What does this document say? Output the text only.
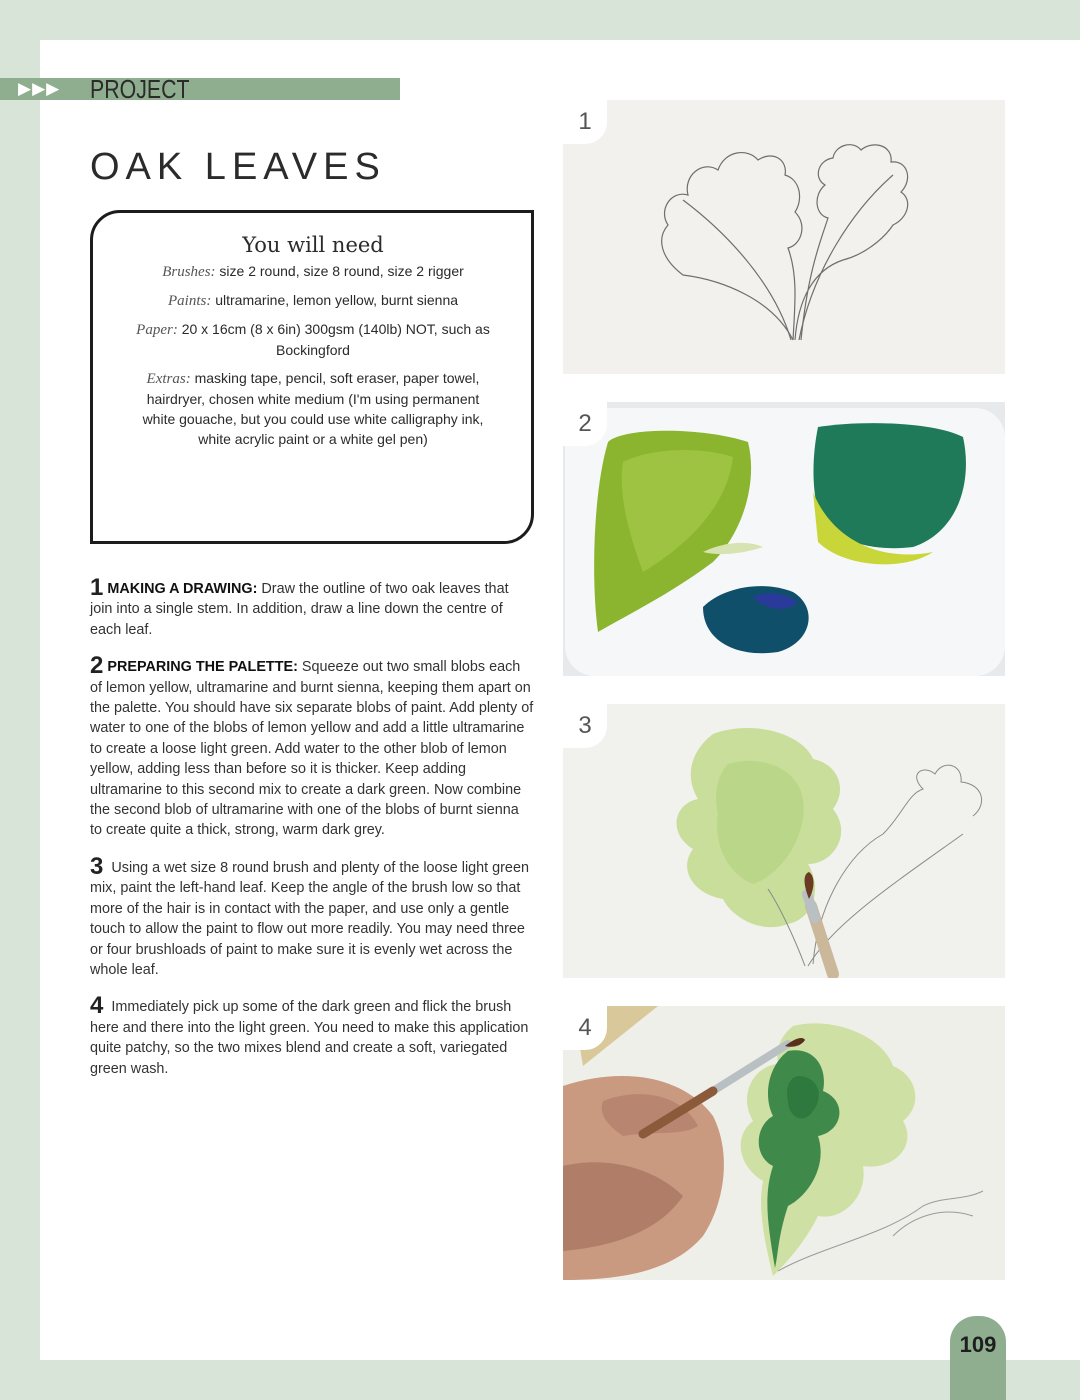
▶▶▶ PROJECT
OAK LEAVES
You will need

Brushes: size 2 round, size 8 round, size 2 rigger

Paints: ultramarine, lemon yellow, burnt sienna

Paper: 20 x 16cm (8 x 6in) 300gsm (140lb) NOT, such as Bockingford

Extras: masking tape, pencil, soft eraser, paper towel, hairdryer, chosen white medium (I'm using permanent white gouache, but you could use white calligraphy ink, white acrylic paint or a white gel pen)

1 MAKING A DRAWING: Draw the outline of two oak leaves that join into a single stem. In addition, draw a line down the centre of each leaf.

2 PREPARING THE PALETTE: Squeeze out two small blobs each of lemon yellow, ultramarine and burnt sienna, keeping them apart on the palette. You should have six separate blobs of paint. Add plenty of water to one of the blobs of lemon yellow and add a little ultramarine to create a loose light green. Add water to the other blob of lemon yellow, adding less than before so it is thicker. Keep adding ultramarine to this second mix to create a dark green. Now combine the second blob of ultramarine with one of the blobs of burnt sienna to create quite a thick, strong, warm dark grey.

3 Using a wet size 8 round brush and plenty of the loose light green mix, paint the left-hand leaf. Keep the angle of the brush low so that more of the hair is in contact with the paper, and use only a gentle touch to allow the paint to flow out more readily. You may need three or four brushloads of paint to make sure it is evenly wet across the whole leaf.

4 Immediately pick up some of the dark green and flick the brush here and there into the light green. You need to make this application quite patchy, so the two mixes blend and create a soft, variegated green wash.

1
2
3
4
109
